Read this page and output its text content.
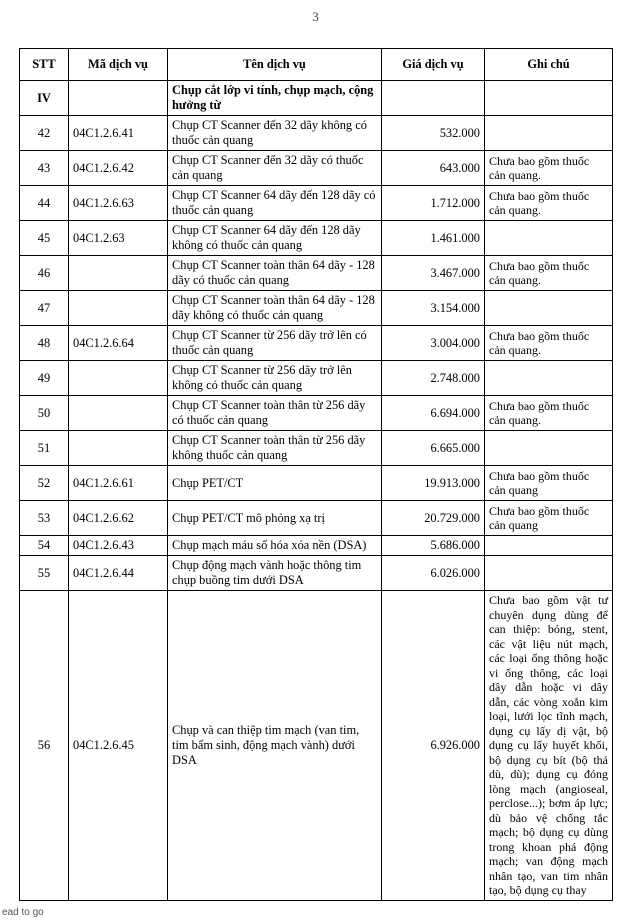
3
STT	Mã dịch vụ	Tên dịch vụ	Giá dịch vụ	Ghi chú
IV		Chụp cắt lớp vi tính, chụp mạch, cộng hưởng từ		
42	04C1.2.6.41	Chụp CT Scanner đến 32 dãy không có thuốc cản quang	532.000	
43	04C1.2.6.42	Chụp CT Scanner đến 32 dãy có thuốc cản quang	643.000	Chưa bao gồm thuốc cản quang.
44	04C1.2.6.63	Chụp CT Scanner 64 dãy đến 128 dãy có thuốc cản quang	1.712.000	Chưa bao gồm thuốc cản quang.
45	04C1.2.63	Chụp CT Scanner 64 dãy đến 128 dãy không có thuốc cản quang	1.461.000	
46		Chụp CT Scanner toàn thân 64 dãy - 128 dãy có thuốc cản quang	3.467.000	Chưa bao gồm thuốc cản quang.
47		Chụp CT Scanner toàn thân 64 dãy - 128 dãy không có thuốc cản quang	3.154.000	
48	04C1.2.6.64	Chụp CT Scanner từ 256 dãy trở lên có thuốc cản quang	3.004.000	Chưa bao gồm thuốc cản quang.
49		Chụp CT Scanner từ 256 dãy trở lên không có thuốc cản quang	2.748.000	
50		Chụp CT Scanner toàn thân từ 256 dãy có thuốc cản quang	6.694.000	Chưa bao gồm thuốc cản quang.
51		Chụp CT Scanner toàn thân từ 256 dãy không thuốc cản quang	6.665.000	
52	04C1.2.6.61	Chụp PET/CT	19.913.000	Chưa bao gồm thuốc cản quang
53	04C1.2.6.62	Chụp PET/CT mô phỏng xạ trị	20.729.000	Chưa bao gồm thuốc cản quang
54	04C1.2.6.43	Chụp mạch máu số hóa xóa nền (DSA)	5.686.000	
55	04C1.2.6.44	Chụp động mạch vành hoặc thông tim chụp buồng tim dưới DSA	6.026.000	
56	04C1.2.6.45	Chụp và can thiệp tim mạch (van tim, tim bẩm sinh, động mạch vành) dưới DSA	6.926.000	Chưa bao gồm vật tư chuyên dụng dùng để can thiệp: bóng, stent, các vật liệu nút mạch, các loại ống thông hoặc vi ống thông, các loại dây dẫn hoặc vi dây dẫn, các vòng xoắn kim loại, lưới lọc tĩnh mạch, dụng cụ lấy dị vật, bộ dụng cụ lấy huyết khối, bộ dụng cụ bít (bộ thả dù, dù); dụng cụ đóng lòng mạch (angioseal, perclose...); bơm áp lực; dù bảo vệ chống tắc mạch; bộ dụng cụ dùng trong khoan phá động mạch; van động mạch nhân tạo, van tim nhân tạo, bộ dụng cụ thay
ead to go
